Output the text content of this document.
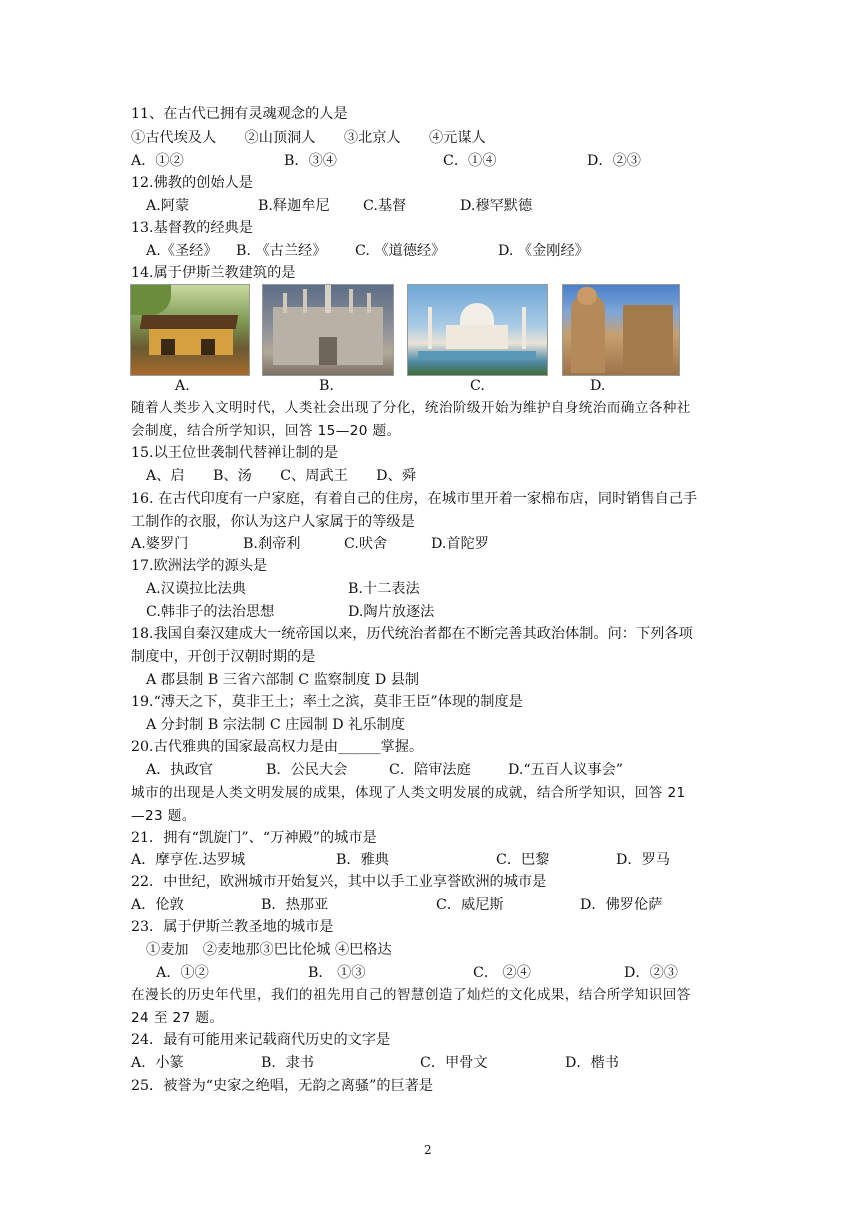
11、在古代已拥有灵魂观念的人是
①古代埃及人　　②山顶洞人　　③北京人　　④元谋人
A．①②	B．③④	C．①④	D．②③
12.佛教的创始人是
A.阿蒙	B.释迦牟尼 C.基督	D.穆罕默德
13.基督教的经典是
A.《圣经》 B. 《古兰经》 C. 《道德经》	D. 《金刚经》
14.属于伊斯兰教建筑的是
A.	B.	C.	D.
随着人类步入文明时代，人类社会出现了分化，统治阶级开始为维护自身统治而确立各种社
会制度，结合所学知识，回答 15—20 题。
15.以王位世袭制代替禅让制的是
A、启　　B、汤　　C、周武王　　D、舜
16. 在古代印度有一户家庭，有着自己的住房，在城市里开着一家棉布店，同时销售自己手
工制作的衣服，你认为这户人家属于的等级是
A.婆罗门	B.刹帝利	C.吠舍	D.首陀罗
17.欧洲法学的源头是
A.汉谟拉比法典	B.十二表法
C.韩非子的法治思想	D.陶片放逐法
18.我国自秦汉建成大一统帝国以来，历代统治者都在不断完善其政治体制。问：下列各项
制度中，开创于汉朝时期的是
A 郡县制 B 三省六部制 C 监察制度 D 县制
19.“溥天之下，莫非王土；率土之滨，莫非王臣”体现的制度是
A 分封制 B 宗法制 C 庄园制 D 礼乐制度
20.古代雅典的国家最高权力是由______掌握。
A．执政官	B．公民大会	C．陪审法庭	D.“五百人议事会”
城市的出现是人类文明发展的成果，体现了人类文明发展的成就，结合所学知识，回答 21
—23 题。
21．拥有“凯旋门”、“万神殿”的城市是
A．摩亨佐.达罗城	B．雅典	C．巴黎	D．罗马
22．中世纪，欧洲城市开始复兴，其中以手工业享誉欧洲的城市是
A．伦敦	B．热那亚	C．威尼斯	D．佛罗伦萨
23．属于伊斯兰教圣地的城市是
①麦加　②麦地那③巴比伦城 ④巴格达
A．①②	B． ①③	C． ②④	D．②③
在漫长的历史年代里，我们的祖先用自己的智慧创造了灿烂的文化成果，结合所学知识回答
24 至 27 题。
24．最有可能用来记载商代历史的文字是
A．小篆	B．隶书	C．甲骨文	D．楷书
25．被誉为“史家之绝唱，无韵之离骚”的巨著是
2
